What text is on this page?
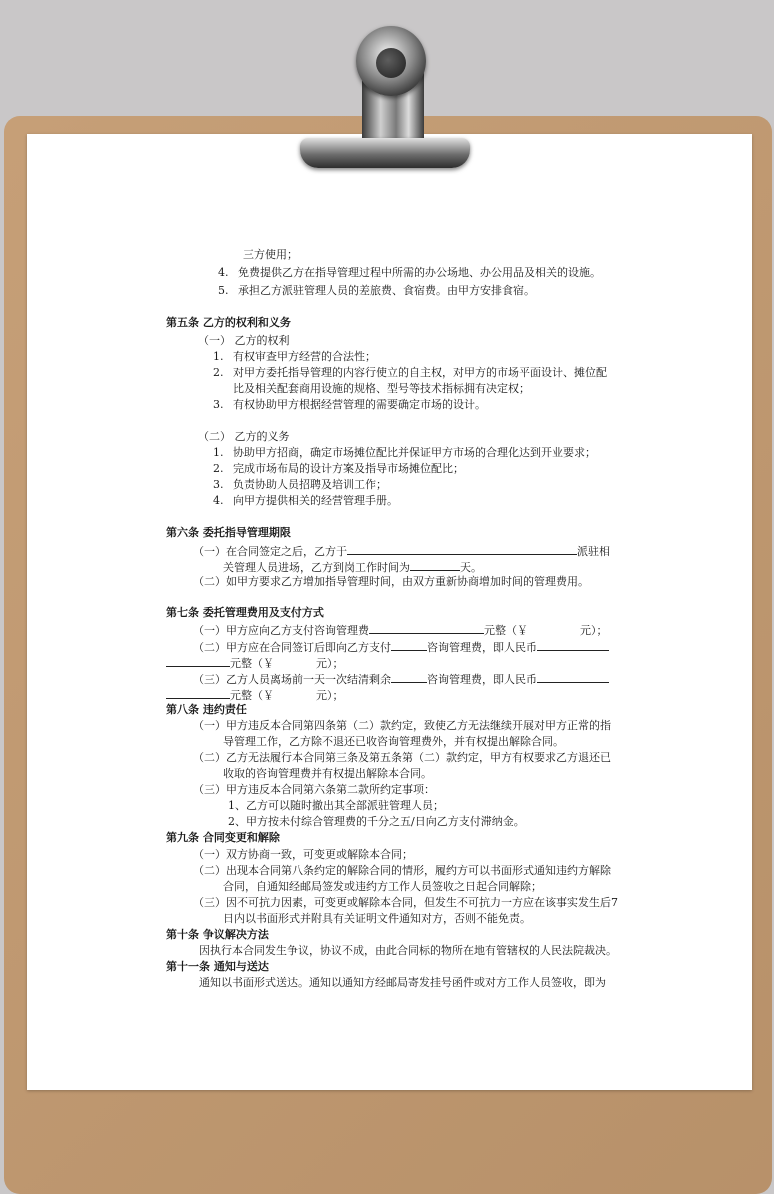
三方使用；
4. 免费提供乙方在指导管理过程中所需的办公场地、办公用品及相关的设施。
5. 承担乙方派驻管理人员的差旅费、食宿费。由甲方安排食宿。
第五条 乙方的权利和义务
（一） 乙方的权利
1. 有权审查甲方经营的合法性；
2. 对甲方委托指导管理的内容行使立的自主权，对甲方的市场平面设计、摊位配
比及相关配套商用设施的规格、型号等技术指标拥有决定权；
3. 有权协助甲方根据经营管理的需要确定市场的设计。
（二） 乙方的义务
1. 协助甲方招商，确定市场摊位配比并保证甲方市场的合理化达到开业要求；
2. 完成市场布局的设计方案及指导市场摊位配比；
3. 负责协助人员招聘及培训工作；
4. 向甲方提供相关的经营管理手册。
第六条 委托指导管理期限
（一）在合同签定之后，乙方于	派驻相
关管理人员进场，乙方到岗工作时间为	天。
（二）如甲方要求乙方增加指导管理时间，由双方重新协商增加时间的管理费用。
第七条 委托管理费用及支付方式
（一）甲方应向乙方支付咨询管理费	元整（￥	元）；
（二）甲方应在合同签订后即向乙方支付	咨询管理费，即人民币
元整（￥	元）；
（三）乙方人员离场前一天一次结清剩余	咨询管理费，即人民币
元整（￥	元）；
第八条 违约责任
（一）甲方违反本合同第四条第（二）款约定，致使乙方无法继续开展对甲方正常的指
导管理工作，乙方除不退还已收咨询管理费外，并有权提出解除合同。
（二）乙方无法履行本合同第三条及第五条第（二）款约定，甲方有权要求乙方退还已
收取的咨询管理费并有权提出解除本合同。
（三）甲方违反本合同第六条第二款所约定事项：
1、乙方可以随时撤出其全部派驻管理人员；
2、甲方按未付综合管理费的千分之五/日向乙方支付滞纳金。
第九条 合同变更和解除
（一）双方协商一致，可变更或解除本合同；
（二）出现本合同第八条约定的解除合同的情形，履约方可以书面形式通知违约方解除
合同，自通知经邮局签发或违约方工作人员签收之日起合同解除；
（三）因不可抗力因素，可变更或解除本合同，但发生不可抗力一方应在该事实发生后7
日内以书面形式并附具有关证明文件通知对方，否则不能免责。
第十条 争议解决方法
因执行本合同发生争议，协议不成，由此合同标的物所在地有管辖权的人民法院裁决。
第十一条 通知与送达
通知以书面形式送达。通知以通知方经邮局寄发挂号函件或对方工作人员签收，即为
